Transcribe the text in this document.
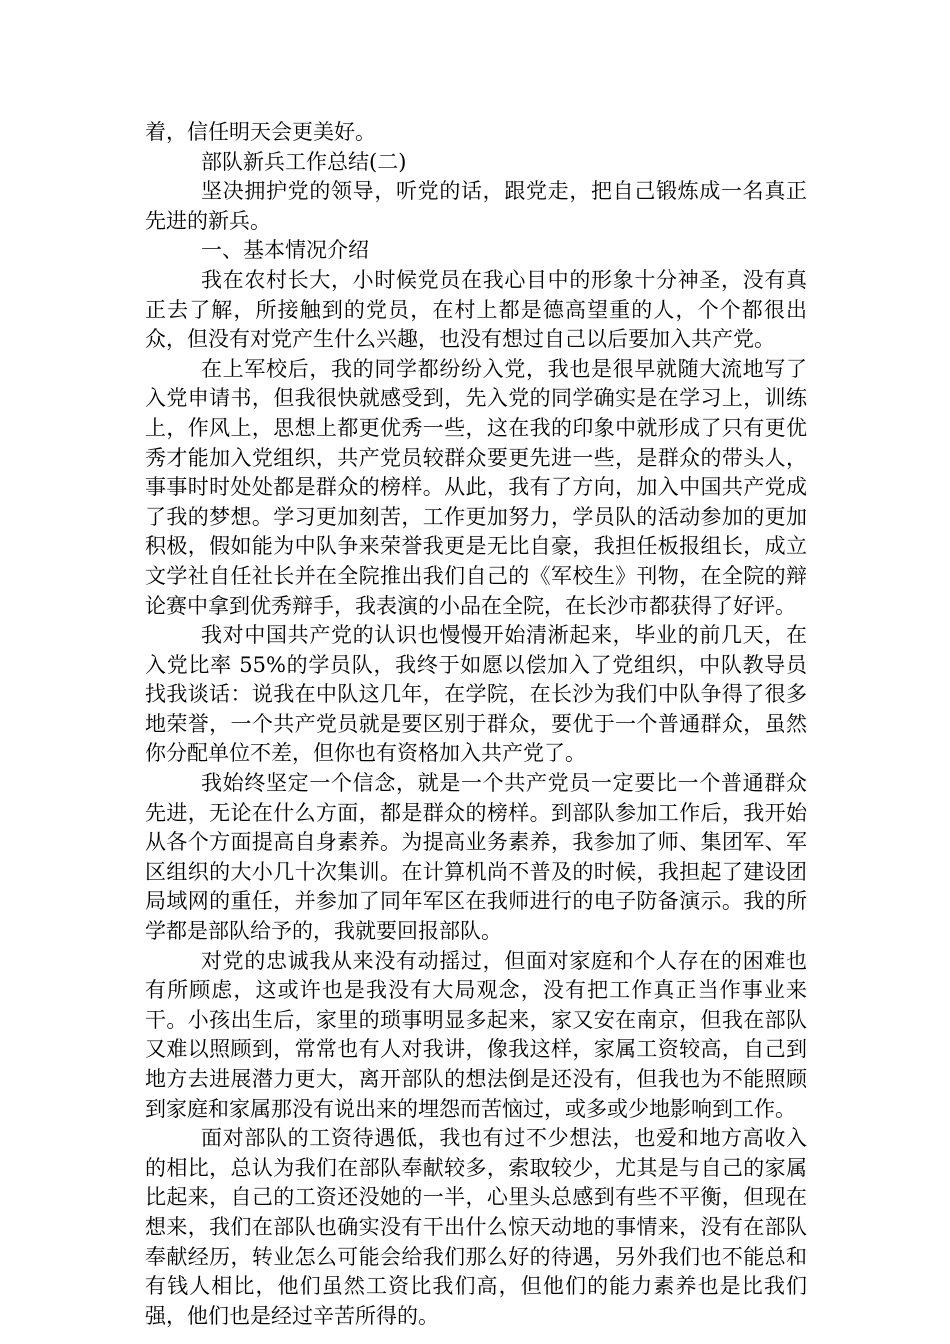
着，信任明天会更美好。

部队新兵工作总结(二)

坚决拥护党的领导，听党的话，跟党走，把自己锻炼成一名真正先进的新兵。

一、基本情况介绍

我在农村长大，小时候党员在我心目中的形象十分神圣，没有真正去了解，所接触到的党员，在村上都是德高望重的人，个个都很出众，但没有对党产生什么兴趣，也没有想过自己以后要加入共产党。

在上军校后，我的同学都纷纷入党，我也是很早就随大流地写了入党申请书，但我很快就感受到，先入党的同学确实是在学习上，训练上，作风上，思想上都更优秀一些，这在我的印象中就形成了只有更优秀才能加入党组织，共产党员较群众要更先进一些，是群众的带头人，事事时时处处都是群众的榜样。从此，我有了方向，加入中国共产党成了我的梦想。学习更加刻苦，工作更加努力，学员队的活动参加的更加积极，假如能为中队争来荣誉我更是无比自豪，我担任板报组长，成立文学社自任社长并在全院推出我们自己的《军校生》刊物，在全院的辩论赛中拿到优秀辩手，我表演的小品在全院，在长沙市都获得了好评。

我对中国共产党的认识也慢慢开始清淅起来，毕业的前几天，在入党比率 55%的学员队，我终于如愿以偿加入了党组织，中队教导员找我谈话：说我在中队这几年，在学院，在长沙为我们中队争得了很多地荣誉，一个共产党员就是要区别于群众，要优于一个普通群众，虽然你分配单位不差，但你也有资格加入共产党了。

我始终坚定一个信念，就是一个共产党员一定要比一个普通群众先进，无论在什么方面，都是群众的榜样。到部队参加工作后，我开始从各个方面提高自身素养。为提高业务素养，我参加了师、集团军、军区组织的大小几十次集训。在计算机尚不普及的时候，我担起了建设团局域网的重任，并参加了同年军区在我师进行的电子防备演示。我的所学都是部队给予的，我就要回报部队。

对党的忠诚我从来没有动摇过，但面对家庭和个人存在的困难也有所顾虑，这或许也是我没有大局观念，没有把工作真正当作事业来干。小孩出生后，家里的琐事明显多起来，家又安在南京，但我在部队又难以照顾到，常常也有人对我讲，像我这样，家属工资较高，自己到地方去进展潜力更大，离开部队的想法倒是还没有，但我也为不能照顾到家庭和家属那没有说出来的埋怨而苦恼过，或多或少地影响到工作。

面对部队的工资待遇低，我也有过不少想法，也爱和地方高收入的相比，总认为我们在部队奉献较多，索取较少，尤其是与自己的家属比起来，自己的工资还没她的一半，心里头总感到有些不平衡，但现在想来，我们在部队也确实没有干出什么惊天动地的事情来，没有在部队奉献经历，转业怎么可能会给我们那么好的待遇，另外我们也不能总和有钱人相比，他们虽然工资比我们高，但他们的能力素养也是比我们强，他们也是经过辛苦所得的。
